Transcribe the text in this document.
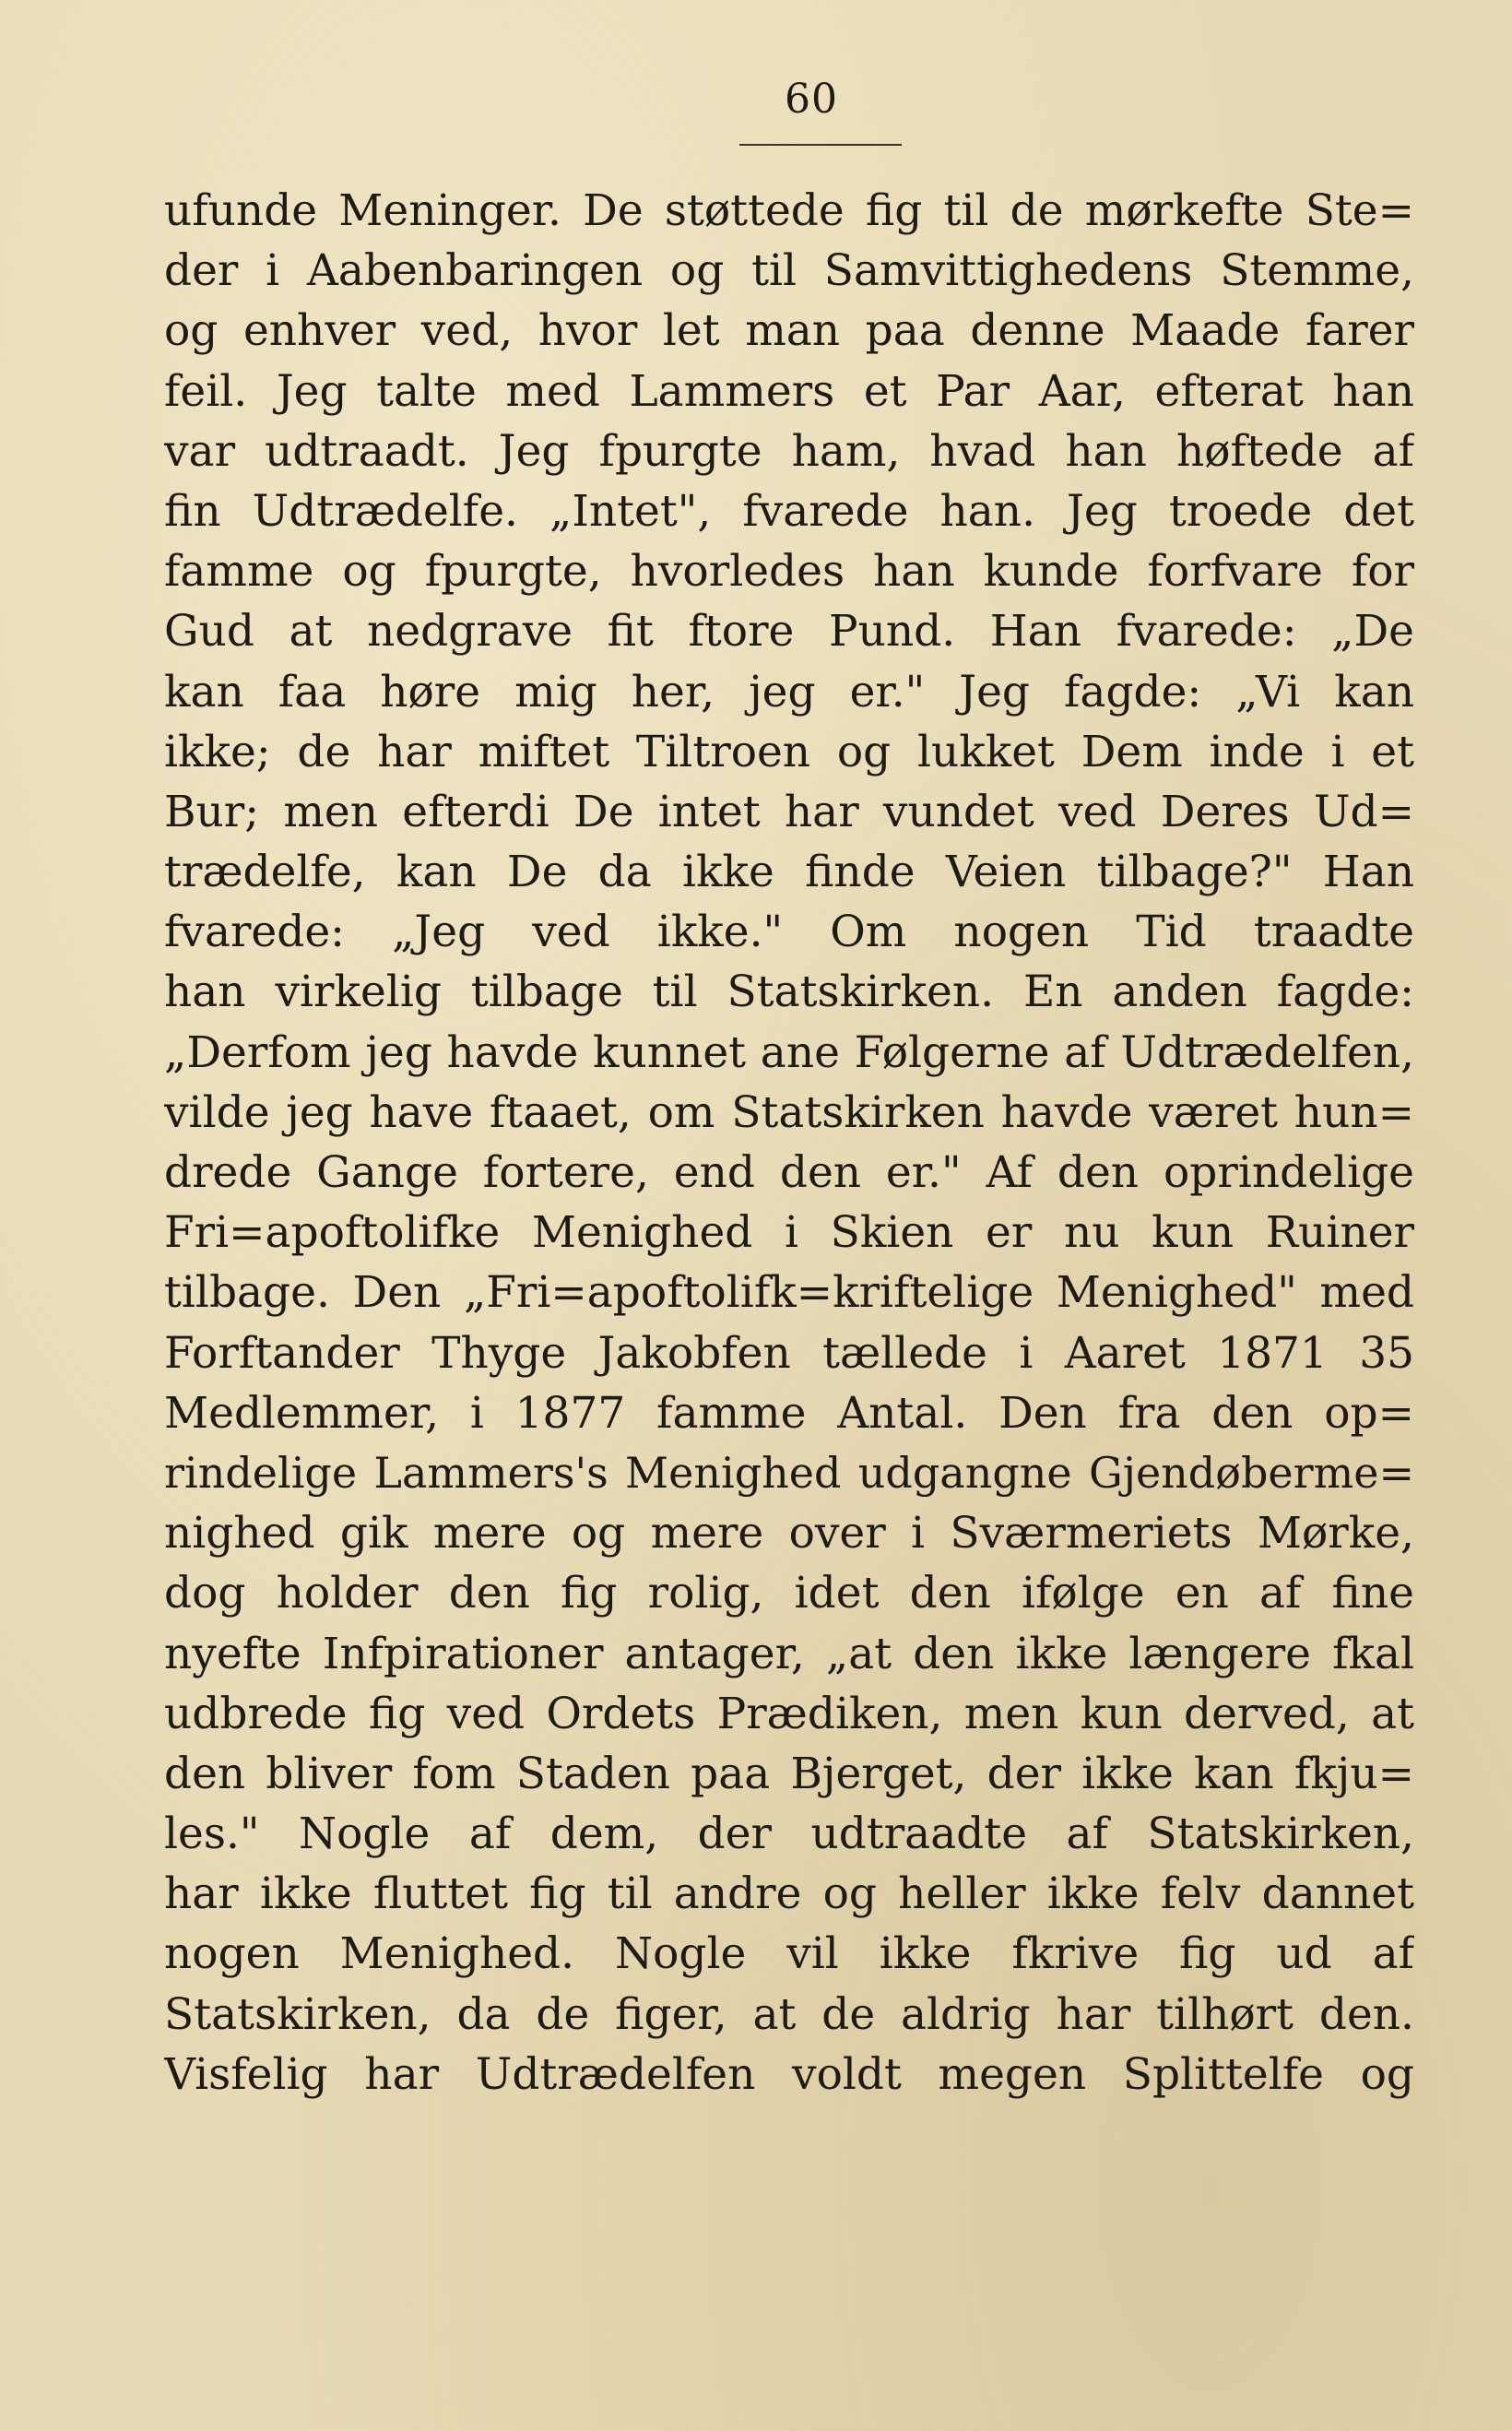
60
ufunde Meninger. De støttede fig til de mørkefte Ste=
der i Aabenbaringen og til Samvittighedens Stemme,
og enhver ved, hvor let man paa denne Maade farer
feil. Jeg talte med Lammers et Par Aar, efterat han
var udtraadt. Jeg fpurgte ham, hvad han høftede af
fin Udtrædelfe. „Intet", fvarede han. Jeg troede det
famme og fpurgte, hvorledes han kunde forfvare for
Gud at nedgrave fit ftore Pund. Han fvarede: „De
kan faa høre mig her, jeg er." Jeg fagde: „Vi kan
ikke; de har miftet Tiltroen og lukket Dem inde i et
Bur; men efterdi De intet har vundet ved Deres Ud=
trædelfe, kan De da ikke finde Veien tilbage?" Han
fvarede: „Jeg ved ikke." Om nogen Tid traadte
han virkelig tilbage til Statskirken. En anden fagde:
„Derfom jeg havde kunnet ane Følgerne af Udtrædelfen,
vilde jeg have ftaaet, om Statskirken havde været hun=
drede Gange fortere, end den er." Af den oprindelige
Fri=apoftolifke Menighed i Skien er nu kun Ruiner
tilbage. Den „Fri=apoftolifk=kriftelige Menighed" med
Forftander Thyge Jakobfen tællede i Aaret 1871 35
Medlemmer, i 1877 famme Antal. Den fra den op=
rindelige Lammers's Menighed udgangne Gjendøberme=
nighed gik mere og mere over i Sværmeriets Mørke,
dog holder den fig rolig, idet den ifølge en af fine
nyefte Infpirationer antager, „at den ikke længere fkal
udbrede fig ved Ordets Prædiken, men kun derved, at
den bliver fom Staden paa Bjerget, der ikke kan fkju=
les." Nogle af dem, der udtraadte af Statskirken,
har ikke fluttet fig til andre og heller ikke felv dannet
nogen Menighed. Nogle vil ikke fkrive fig ud af
Statskirken, da de figer, at de aldrig har tilhørt den.
Visfelig har Udtrædelfen voldt megen Splittelfe og
